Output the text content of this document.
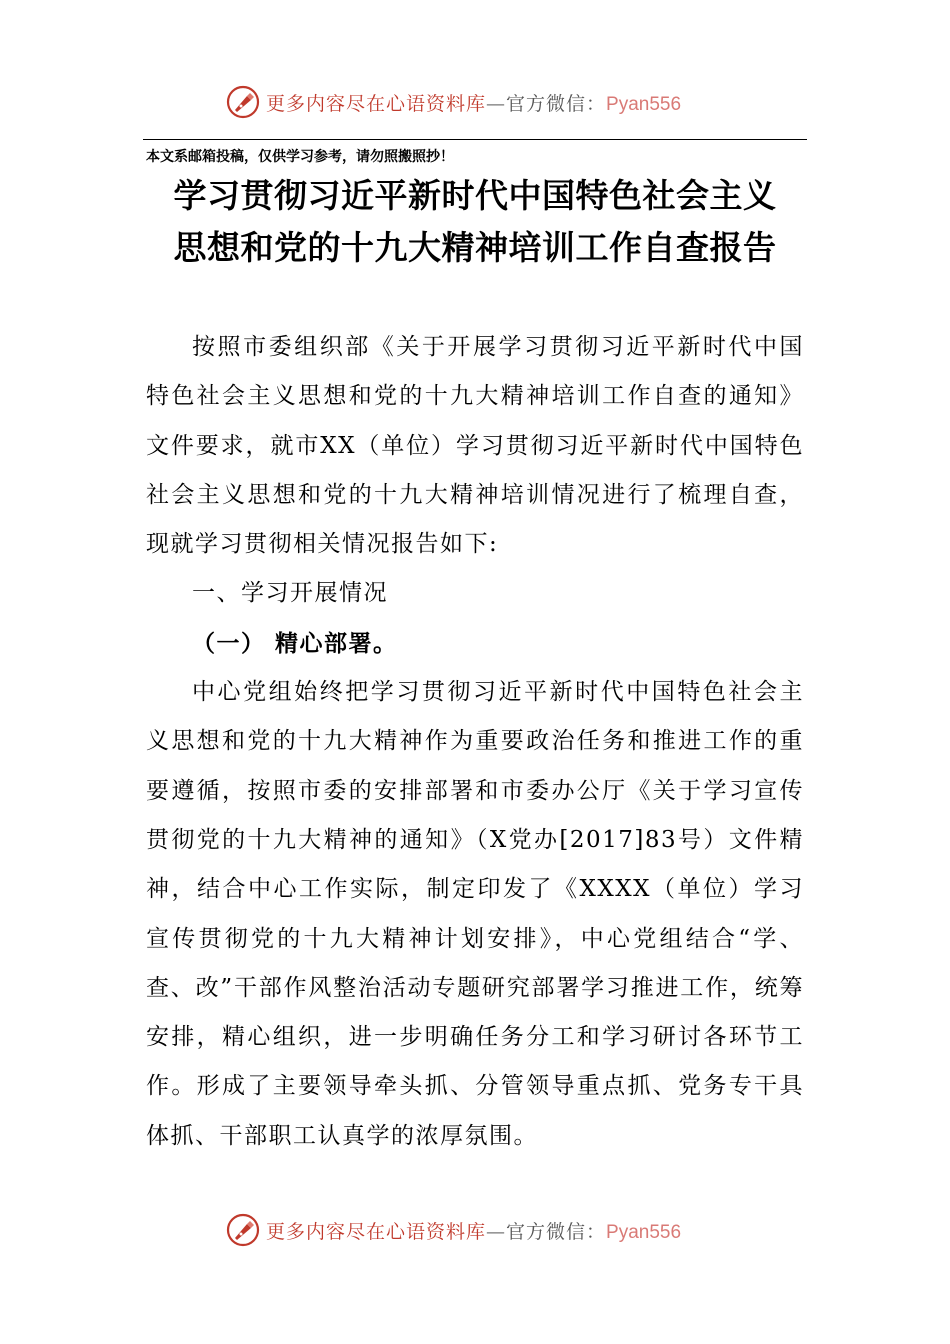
更多内容尽在心语资料库—官方微信：Pyan556
本文系邮箱投稿，仅供学习参考，请勿照搬照抄！
学习贯彻习近平新时代中国特色社会主义
思想和党的十九大精神培训工作自查报告

按照市委组织部《关于开展学习贯彻习近平新时代中国特色社会主义思想和党的十九大精神培训工作自查的通知》文件要求，就市XX（单位）学习贯彻习近平新时代中国特色社会主义思想和党的十九大精神培训情况进行了梳理自查，现就学习贯彻相关情况报告如下:

一、学习开展情况

（一） 精心部署。

中心党组始终把学习贯彻习近平新时代中国特色社会主义思想和党的十九大精神作为重要政治任务和推进工作的重要遵循，按照市委的安排部署和市委办公厅《关于学习宣传贯彻党的十九大精神的通知》（X党办[2017]83号）文件精神，结合中心工作实际，制定印发了《XXXX（单位）学习宣传贯彻党的十九大精神计划安排》，中心党组结合“学、查、改”干部作风整治活动专题研究部署学习推进工作，统筹安排，精心组织，进一步明确任务分工和学习研讨各环节工作。形成了主要领导牵头抓、分管领导重点抓、党务专干具体抓、干部职工认真学的浓厚氛围。

更多内容尽在心语资料库—官方微信：Pyan556
